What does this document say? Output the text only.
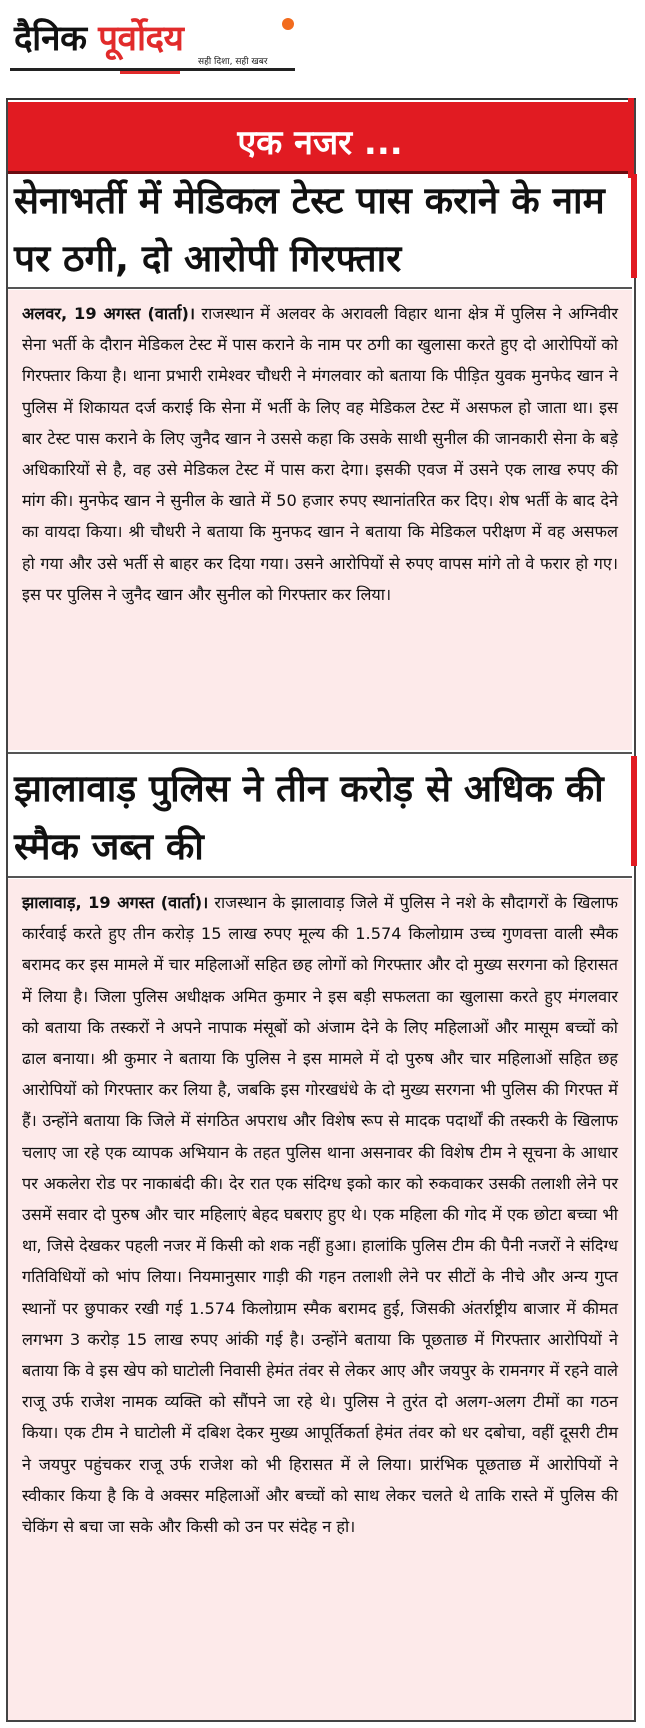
दैनिक पूर्वोदय
सही दिशा, सही खबर
एक नजर ...
सेनाभर्ती में मेडिकल टेस्ट पास कराने के नाम पर ठगी, दो आरोपी गिरफ्तार

अलवर, 19 अगस्त (वार्ता)। राजस्थान में अलवर के अरावली विहार थाना क्षेत्र में पुलिस ने अग्निवीर सेना भर्ती के दौरान मेडिकल टेस्ट में पास कराने के नाम पर ठगी का खुलासा करते हुए दो आरोपियों को गिरफ्तार किया है। थाना प्रभारी रामेश्वर चौधरी ने मंगलवार को बताया कि पीड़ित युवक मुनफेद खान ने पुलिस में शिकायत दर्ज कराई कि सेना में भर्ती के लिए वह मेडिकल टेस्ट में असफल हो जाता था। इस बार टेस्ट पास कराने के लिए जुनैद खान ने उससे कहा कि उसके साथी सुनील की जानकारी सेना के बड़े अधिकारियों से है, वह उसे मेडिकल टेस्ट में पास करा देगा। इसकी एवज में उसने एक लाख रुपए की मांग की। मुनफेद खान ने सुनील के खाते में 50 हजार रुपए स्थानांतरित कर दिए। शेष भर्ती के बाद देने का वायदा किया। श्री चौधरी ने बताया कि मुनफद खान ने बताया कि मेडिकल परीक्षण में वह असफल हो गया और उसे भर्ती से बाहर कर दिया गया। उसने आरोपियों से रुपए वापस मांगे तो वे फरार हो गए। इस पर पुलिस ने जुनैद खान और सुनील को गिरफ्तार कर लिया।

झालावाड़ पुलिस ने तीन करोड़ से अधिक की स्मैक जब्त की

झालावाड़, 19 अगस्त (वार्ता)। राजस्थान के झालावाड़ जिले में पुलिस ने नशे के सौदागरों के खिलाफ कार्रवाई करते हुए तीन करोड़ 15 लाख रुपए मूल्य की 1.574 किलोग्राम उच्च गुणवत्ता वाली स्मैक बरामद कर इस मामले में चार महिलाओं सहित छह लोगों को गिरफ्तार और दो मुख्य सरगना को हिरासत में लिया है। जिला पुलिस अधीक्षक अमित कुमार ने इस बड़ी सफलता का खुलासा करते हुए मंगलवार को बताया कि तस्करों ने अपने नापाक मंसूबों को अंजाम देने के लिए महिलाओं और मासूम बच्चों को ढाल बनाया। श्री कुमार ने बताया कि पुलिस ने इस मामले में दो पुरुष और चार महिलाओं सहित छह आरोपियों को गिरफ्तार कर लिया है, जबकि इस गोरखधंधे के दो मुख्य सरगना भी पुलिस की गिरफ्त में हैं। उन्होंने बताया कि जिले में संगठित अपराध और विशेष रूप से मादक पदार्थों की तस्करी के खिलाफ चलाए जा रहे एक व्यापक अभियान के तहत पुलिस थाना असनावर की विशेष टीम ने सूचना के आधार पर अकलेरा रोड पर नाकाबंदी की। देर रात एक संदिग्ध इको कार को रुकवाकर उसकी तलाशी लेने पर उसमें सवार दो पुरुष और चार महिलाएं बेहद घबराए हुए थे। एक महिला की गोद में एक छोटा बच्चा भी था, जिसे देखकर पहली नजर में किसी को शक नहीं हुआ। हालांकि पुलिस टीम की पैनी नजरों ने संदिग्ध गतिविधियों को भांप लिया। नियमानुसार गाड़ी की गहन तलाशी लेने पर सीटों के नीचे और अन्य गुप्त स्थानों पर छुपाकर रखी गई 1.574 किलोग्राम स्मैक बरामद हुई, जिसकी अंतर्राष्ट्रीय बाजार में कीमत लगभग 3 करोड़ 15 लाख रुपए आंकी गई है। उन्होंने बताया कि पूछताछ में गिरफ्तार आरोपियों ने बताया कि वे इस खेप को घाटोली निवासी हेमंत तंवर से लेकर आए और जयपुर के रामनगर में रहने वाले राजू उर्फ राजेश नामक व्यक्ति को सौंपने जा रहे थे। पुलिस ने तुरंत दो अलग-अलग टीमों का गठन किया। एक टीम ने घाटोली में दबिश देकर मुख्य आपूर्तिकर्ता हेमंत तंवर को धर दबोचा, वहीं दूसरी टीम ने जयपुर पहुंचकर राजू उर्फ राजेश को भी हिरासत में ले लिया। प्रारंभिक पूछताछ में आरोपियों ने स्वीकार किया है कि वे अक्सर महिलाओं और बच्चों को साथ लेकर चलते थे ताकि रास्ते में पुलिस की चेकिंग से बचा जा सके और किसी को उन पर संदेह न हो।
